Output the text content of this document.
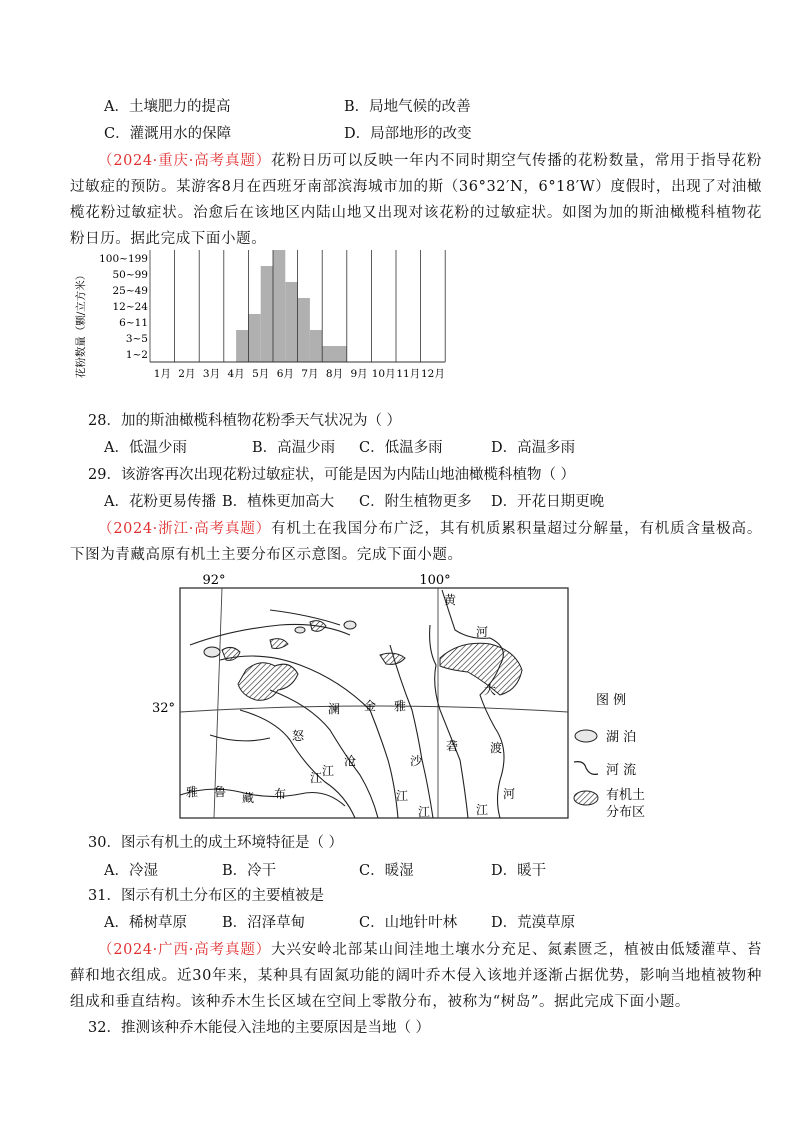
A．土壤肥力的提高	B．局地气候的改善
C．灌溉用水的保障	D．局部地形的改变
（2024·重庆·高考真题）花粉日历可以反映一年内不同时期空气传播的花粉数量，常用于指导花粉过敏症的预防。某游客8月在西班牙南部滨海城市加的斯（36°32′N，6°18′W）度假时，出现了对油橄榄花粉过敏症状。治愈后在该地区内陆山地又出现对该花粉的过敏症状。如图为加的斯油橄榄科植物花粉日历。据此完成下面小题。
100~199
50~99
25~49
12~24
6~11
3~5
1~2
1月 2月 3月 4月 5月 6月 7月 8月 9月 10月 11月 12月
花粉数量（颗/立方米）
28．加的斯油橄榄科植物花粉季天气状况为（ ）
A．低温少雨	B．高温少雨 C．低温多雨	D．高温多雨
29．该游客再次出现花粉过敏症状，可能是因为内陆山地油橄榄科植物（ ）
A．花粉更易传播 B．植株更加高大 C．附生植物更多 D．开花日期更晚
（2024·浙江·高考真题）有机土在我国分布广泛，其有机质累积量超过分解量，有机质含量极高。下图为青藏高原有机土主要分布区示意图。完成下面小题。
92°	100°
32°
黄
河
大
渡
河
澜
沧
江
怒
江
金
沙
江
雅
砻
江
雅 鲁 藏 布
江
图 例
湖 泊
河 流
有机土
分布区
30．图示有机土的成土环境特征是（ ）
A．冷湿	B．冷干	C．暖湿	D．暖干
31．图示有机土分布区的主要植被是
A．稀树草原 B．沼泽草甸	C．山地针叶林 D．荒漠草原
（2024·广西·高考真题）大兴安岭北部某山间洼地土壤水分充足、氮素匮乏，植被由低矮灌草、苔藓和地衣组成。近30年来，某种具有固氮功能的阔叶乔木侵入该地并逐渐占据优势，影响当地植被物种组成和垂直结构。该种乔木生长区域在空间上零散分布，被称为“树岛”。据此完成下面小题。
32．推测该种乔木能侵入洼地的主要原因是当地（ ）
